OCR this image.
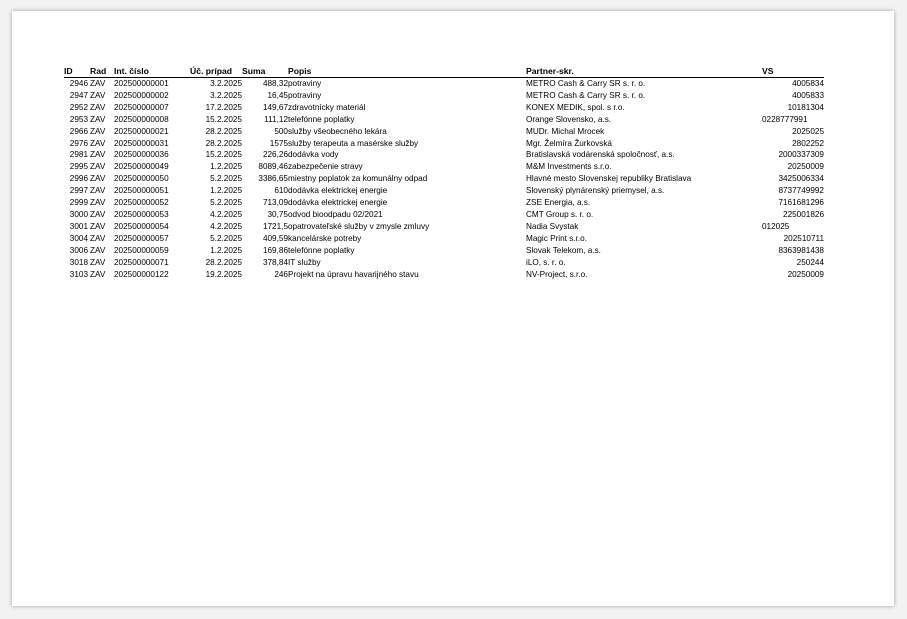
ID	Rad	Int. číslo	Úč. prípad	Suma	Popis	Partner-skr.	VS
2946	ZAV	202500000001	3.2.2025	488,32	potraviny	METRO Cash & Carry SR s. r. o.	4005834
2947	ZAV	202500000002	3.2.2025	16,45	potraviny	METRO Cash & Carry SR s. r. o.	4005833
2952	ZAV	202500000007	17.2.2025	149,67	zdravotnícky materiál	KONEX MEDIK, spol. s r.o.	10181304
2953	ZAV	202500000008	15.2.2025	111,12	telefónne poplatky	Orange Slovensko, a.s.	0228777991
2966	ZAV	202500000021	28.2.2025	500	služby všeobecného lekára	MUDr. Michal Mrocek	2025025
2976	ZAV	202500000031	28.2.2025	1575	služby terapeuta a masérske služby	Mgr. Želmíra Žurkovská	2802252
2981	ZAV	202500000036	15.2.2025	226,26	dodávka vody	Bratislavská vodárenská spoločnosť, a.s.	2000337309
2995	ZAV	202500000049	1.2.2025	8089,46	zabezpečenie stravy	M&M Investments s.r.o.	20250009
2996	ZAV	202500000050	5.2.2025	3386,65	miestny poplatok za komunálny odpad	Hlavné mesto Slovenskej republiky Bratislava	3425006334
2997	ZAV	202500000051	1.2.2025	610	dodávka elektrickej energie	Slovenský plynárenský priemysel, a.s.	8737749992
2999	ZAV	202500000052	5.2.2025	713,09	dodávka elektrickej energie	ZSE Energia, a.s.	7161681296
3000	ZAV	202500000053	4.2.2025	30,75	odvod bioodpadu 02/2021	CMT Group s. r. o.	225001826
3001	ZAV	202500000054	4.2.2025	1721,5	opatrovateľské služby v zmysle zmluvy	Nadia Svystak	012025
3004	ZAV	202500000057	5.2.2025	409,59	kancelárske potreby	Magic Print s.r.o.	202510711
3006	ZAV	202500000059	1.2.2025	169,86	telefónne poplatky	Slovak Telekom, a.s.	8363981438
3018	ZAV	202500000071	28.2.2025	378,84	IT služby	iLO, s. r. o.	250244
3103	ZAV	202500000122	19.2.2025	246	Projekt na úpravu havarijného stavu	NV-Project, s.r.o.	20250009
